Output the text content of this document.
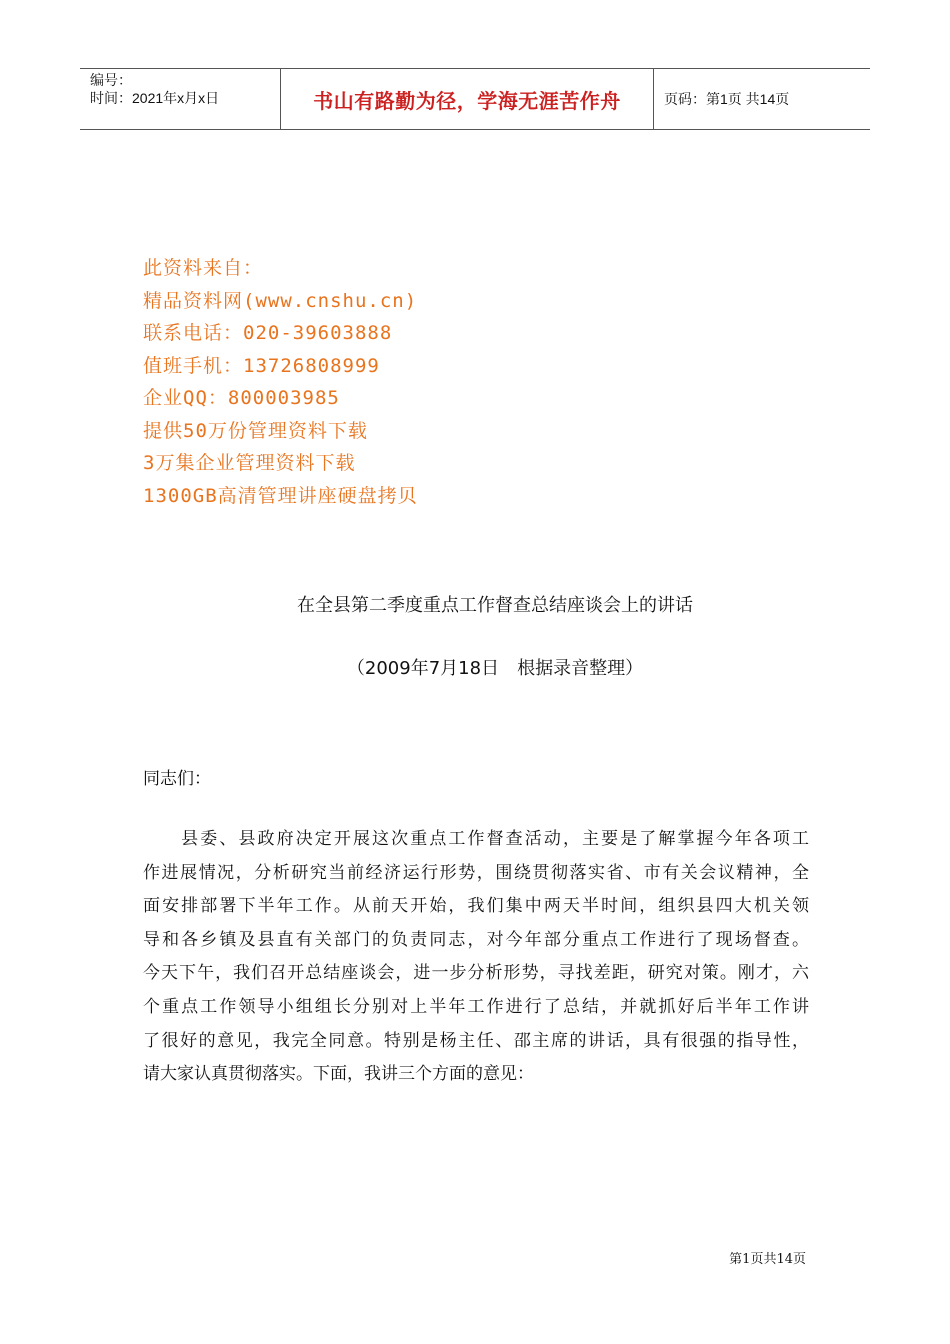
编号：
时间：2021年x月x日	书山有路勤为径，学海无涯苦作舟	页码：第1页 共14页
此资料来自：
精品资料网(www.cnshu.cn)
联系电话：020-39603888
值班手机：13726808999
企业QQ：800003985
提供50万份管理资料下载
3万集企业管理资料下载
1300GB高清管理讲座硬盘拷贝
在全县第二季度重点工作督查总结座谈会上的讲话
（2009年7月18日　根据录音整理）
同志们：
　　县委、县政府决定开展这次重点工作督查活动，主要是了解掌握今年各项工
作进展情况，分析研究当前经济运行形势，围绕贯彻落实省、市有关会议精神，全
面安排部署下半年工作。从前天开始，我们集中两天半时间，组织县四大机关领
导和各乡镇及县直有关部门的负责同志，对今年部分重点工作进行了现场督查。
今天下午，我们召开总结座谈会，进一步分析形势，寻找差距，研究对策。刚才，六
个重点工作领导小组组长分别对上半年工作进行了总结，并就抓好后半年工作讲
了很好的意见，我完全同意。特别是杨主任、邵主席的讲话，具有很强的指导性，
请大家认真贯彻落实。下面，我讲三个方面的意见：
第1页共14页
